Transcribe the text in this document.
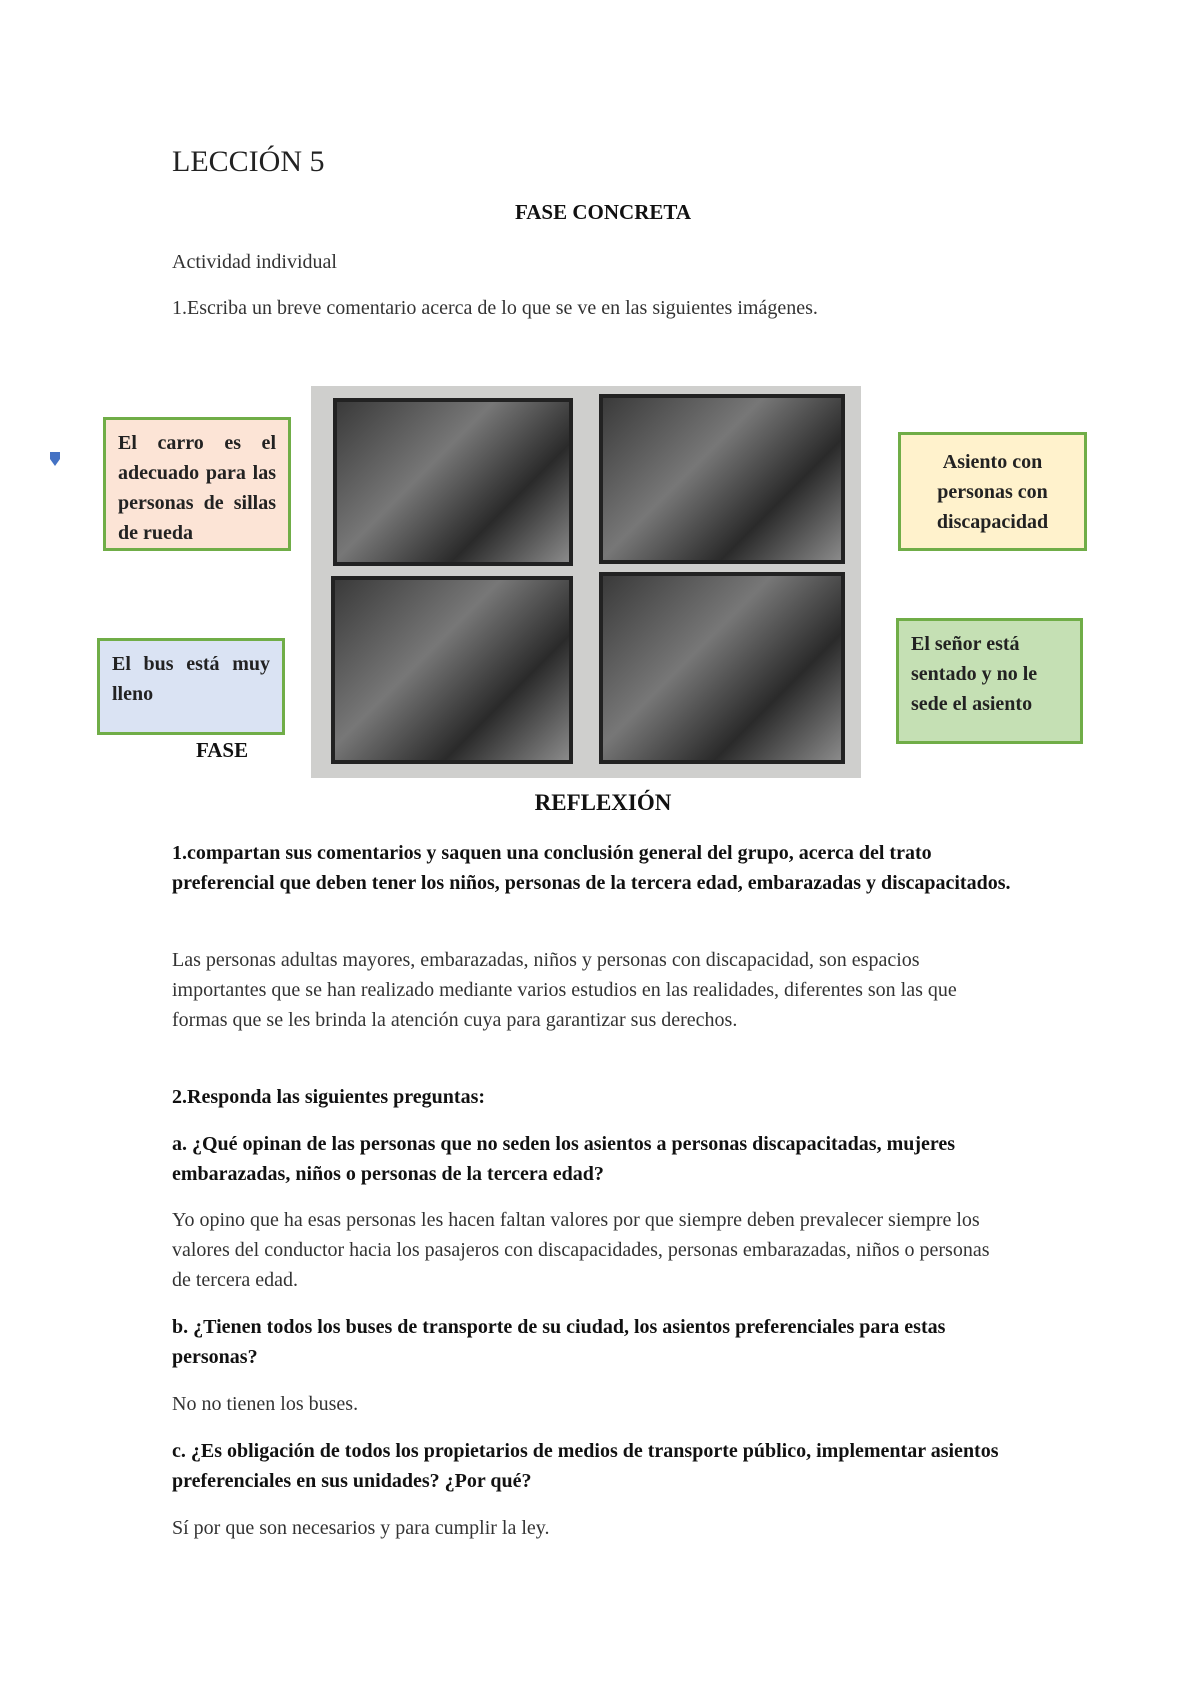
LECCIÓN 5
FASE CONCRETA
Actividad individual
1.Escriba un breve comentario acerca de lo que se ve en las siguientes imágenes.
FASE
El carro es el adecuado para las personas de sillas de rueda
Asiento con personas con discapacidad
El bus está muy lleno
El señor está sentado y no le sede el asiento
REFLEXIÓN
1.compartan sus comentarios y saquen una conclusión general del grupo, acerca del trato preferencial que deben tener los niños, personas de la tercera edad, embarazadas y discapacitados.
Las personas adultas mayores, embarazadas, niños y personas con discapacidad, son espacios importantes que se han realizado mediante varios estudios en las realidades, diferentes son las que formas que se les brinda la atención cuya para garantizar sus derechos.
2.Responda las siguientes preguntas:
a. ¿Qué opinan de las personas que no seden los asientos a personas discapacitadas, mujeres embarazadas, niños o personas de la tercera edad?
Yo opino que ha esas personas les hacen faltan valores por que siempre deben prevalecer siempre los valores del conductor hacia los pasajeros con discapacidades, personas embarazadas, niños o personas de tercera edad.
b. ¿Tienen todos los buses de transporte de su ciudad, los asientos preferenciales para estas personas?
No no tienen los buses.
c. ¿Es obligación de todos los propietarios de medios de transporte público, implementar asientos preferenciales en sus unidades? ¿Por qué?
Sí por que son necesarios y para cumplir la ley.
